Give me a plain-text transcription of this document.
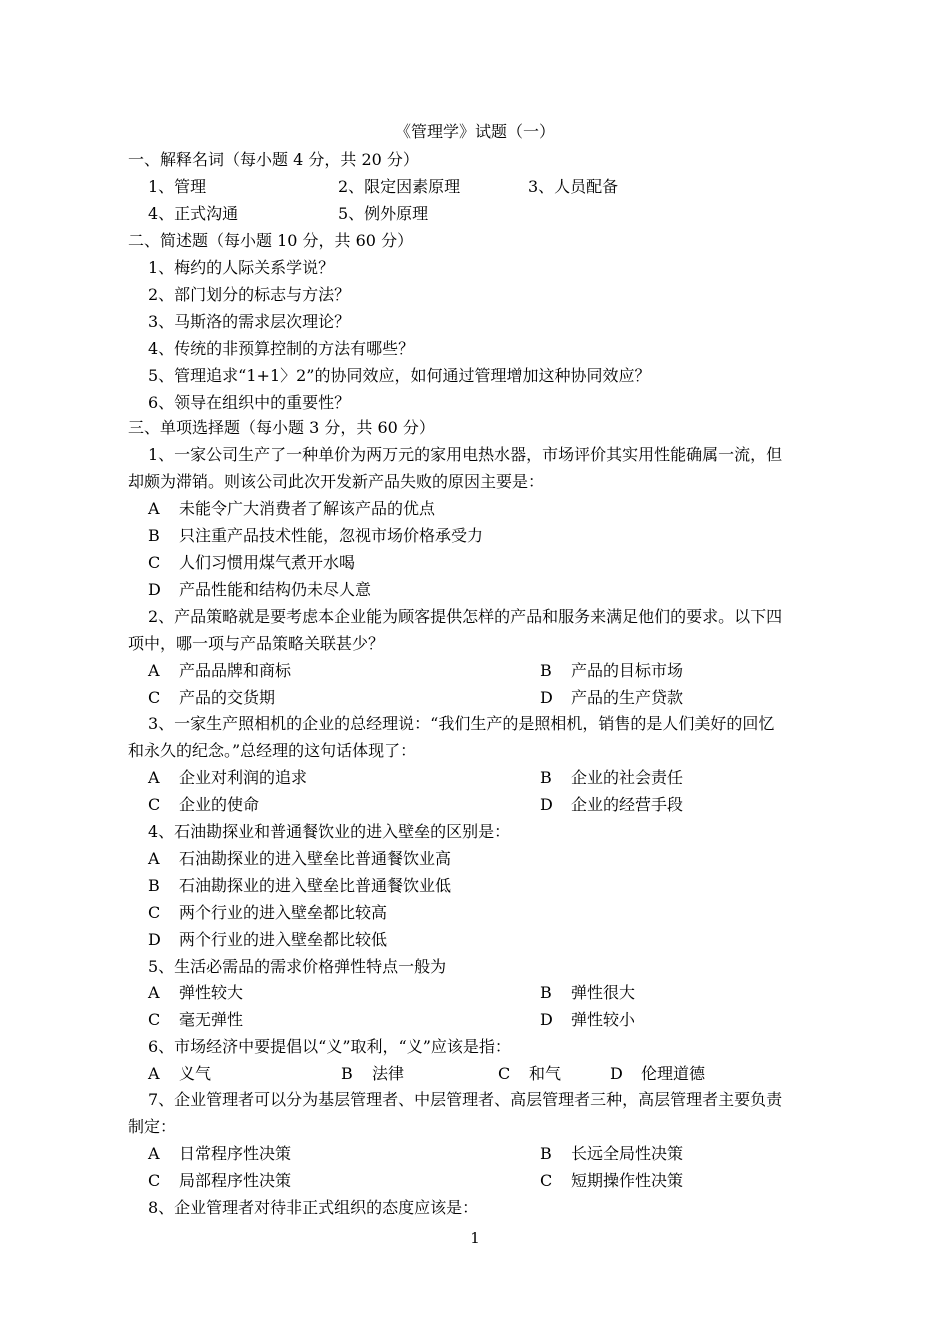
《管理学》试题（一）
一、解释名词（每小题 4 分，共 20 分）
1、管理	2、限定因素原理	3、人员配备
4、正式沟通	5、例外原理
二、简述题（每小题 10 分，共 60 分）
1、梅约的人际关系学说？
2、部门划分的标志与方法？
3、马斯洛的需求层次理论？
4、传统的非预算控制的方法有哪些？
5、管理追求“1+1〉2”的协同效应，如何通过管理增加这种协同效应？
6、领导在组织中的重要性？
三、单项选择题（每小题 3 分，共 60 分）
1、一家公司生产了一种单价为两万元的家用电热水器，市场评价其实用性能确属一流，但
却颇为滞销。则该公司此次开发新产品失败的原因主要是：
A 未能令广大消费者了解该产品的优点
B 只注重产品技术性能，忽视市场价格承受力
C 人们习惯用煤气煮开水喝
D 产品性能和结构仍未尽人意
2、产品策略就是要考虑本企业能为顾客提供怎样的产品和服务来满足他们的要求。以下四
项中，哪一项与产品策略关联甚少？
A 产品品牌和商标	B 产品的目标市场
C 产品的交货期	D 产品的生产贷款
3、一家生产照相机的企业的总经理说：“我们生产的是照相机，销售的是人们美好的回忆
和永久的纪念。”总经理的这句话体现了：
A 企业对利润的追求	B 企业的社会责任
C 企业的使命	D 企业的经营手段
4、石油勘探业和普通餐饮业的进入壁垒的区别是：
A 石油勘探业的进入壁垒比普通餐饮业高
B 石油勘探业的进入壁垒比普通餐饮业低
C 两个行业的进入壁垒都比较高
D 两个行业的进入壁垒都比较低
5、生活必需品的需求价格弹性特点一般为
A 弹性较大	B 弹性很大
C 毫无弹性	D 弹性较小
6、市场经济中要提倡以“义”取利，“义”应该是指：
A 义气	B 法律	C 和气	D 伦理道德
7、企业管理者可以分为基层管理者、中层管理者、高层管理者三种，高层管理者主要负责
制定：
A 日常程序性决策	B 长远全局性决策
C 局部程序性决策	C 短期操作性决策
8、企业管理者对待非正式组织的态度应该是：
1
